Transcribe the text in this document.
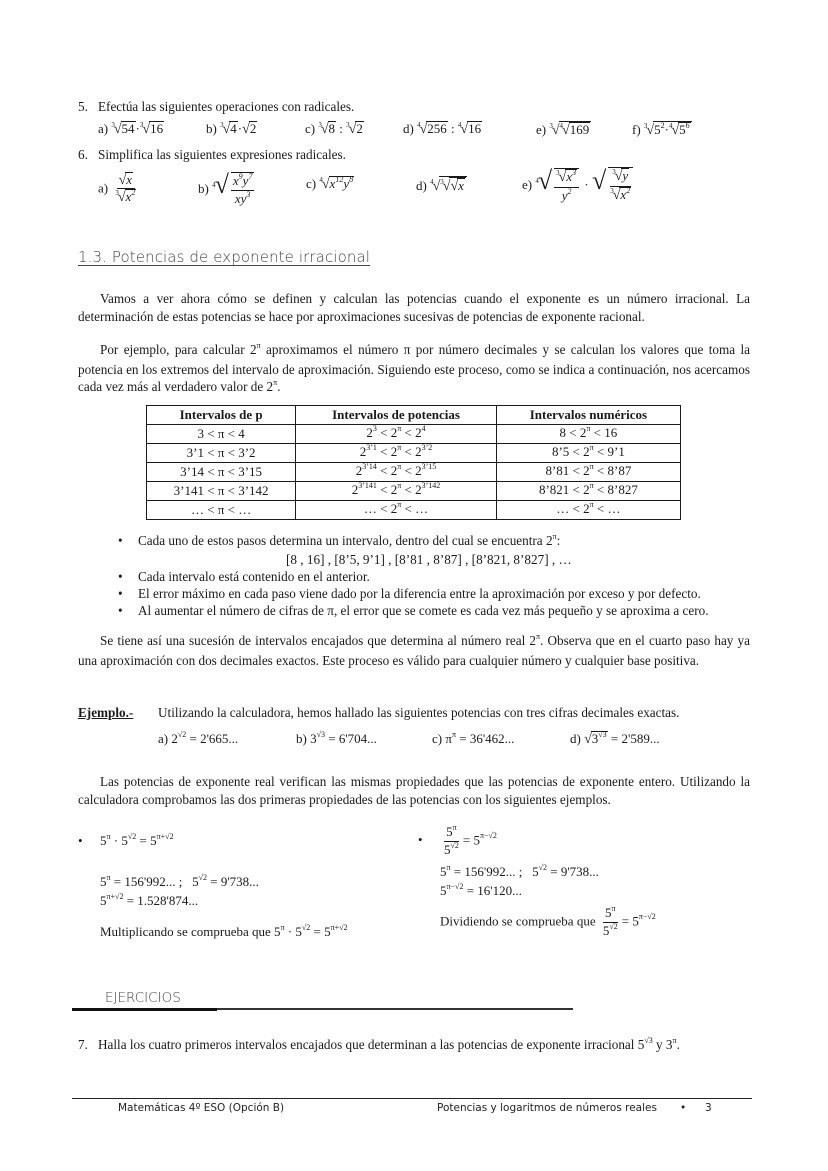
5. Efectúa las siguientes operaciones con radicales.
a) $^3$√54·$^3$√16	b) $^3$√4·√2	c) $^3$√8 : $^3$√2	d) $^4$√256 : $^4$√16	e) $^3$√$^4$√169	f) $^3√5^2\cdot^4√5^6$
6. Simplifica las siguientes expresiones radicales.
$a) \frac{√x}{^3√x^2}$	b) $^4√ \frac{x^9y^7}{xy^3}$	c) $^4√x^{12}y^8$	d) $^4$√$^3$√√x	e) $^4√ \frac{^3√x^3}{y^2}$ · √ $\frac{^3√y}{^3√x^2}$
1.3. Potencias de exponente irracional
Vamos a ver ahora cómo se definen y calculan las potencias cuando el exponente es un número irracional. La determinación de estas potencias se hace por aproximaciones sucesivas de potencias de exponente racional.
Por ejemplo, para calcular $2^\pi$ aproximamos el número π por número decimales y se calculan los valores que toma la potencia en los extremos del intervalo de aproximación. Siguiendo este proceso, como se indica a continuación, nos acercamos cada vez más al verdadero valor de $2^\pi$.
Intervalos de p	Intervalos de potencias	Intervalos numéricos
3 < π < 4	$2^3 < 2^\pi < 2^4$	$8 < 2^\pi < 16$
3’1 < π < 3’2	$2^{3’1} < 2^\pi < 2^{3’2}$	8’5 < $2^\pi$ < 9’1
3’14 < π < 3’15	$2^{3’14} < 2^\pi < 2^{3’15}$	8’81 < $2^\pi$ < 8’87
3’141 < π < 3’142	$2^{3’141} < 2^\pi < 2^{3’142}$	8’821 < $2^\pi$ < 8’827
… < π < …	… < $2^\pi$ < …	… < $2^\pi$ < …
• Cada uno de estos pasos determina un intervalo, dentro del cual se encuentra $2^\pi$:
[8 , 16] , [8’5, 9’1] , [8’81 , 8’87] , [8’821, 8’827] , …
• Cada intervalo está contenido en el anterior.
• El error máximo en cada paso viene dado por la diferencia entre la aproximación por exceso y por defecto.
• Al aumentar el número de cifras de π, el error que se comete es cada vez más pequeño y se aproxima a cero.
Se tiene así una sucesión de intervalos encajados que determina al número real $2^\pi$. Observa que en el cuarto paso hay ya una aproximación con dos decimales exactos. Este proceso es válido para cualquier número y cualquier base positiva.
Ejemplo.- Utilizando la calculadora, hemos hallado las siguientes potencias con tres cifras decimales exactas.
a) $2^{√2} = 2'665$...	b) $3^{√3} = 6'704$...	c) $\pi^\pi = 36'462$...	d) $√3^{√3} = 2'589$...
Las potencias de exponente real verifican las mismas propiedades que las potencias de exponente entero. Utilizando la calculadora comprobamos las dos primeras propiedades de las potencias con los siguientes ejemplos.
• $5^\pi \cdot 5^{√2} = 5^{\pi+√2}$
$5^\pi = 156'992$... ;   $5^{√2} = 9'738$...
$5^{\pi+√2} = 1.528'874$...
Multiplicando se comprueba que $5^\pi \cdot 5^{√2} = 5^{\pi+√2}$
• $\frac{5^\pi}{5^{√2}} = 5^{\pi-√2}$
$5^\pi = 156'992$... ;   $5^{√2} = 9'738$...
$5^{\pi-√2} = 16'120$...
Dividiendo se comprueba que $\frac{5^\pi}{5^{√2}} = 5^{\pi-√2}$
EJERCICIOS
7. Halla los cuatro primeros intervalos encajados que determinan a las potencias de exponente irracional $5^{√3}$ y $3^\pi$.
Matemáticas 4º ESO (Opción B)	Potencias y logaritmos de números reales • 3
